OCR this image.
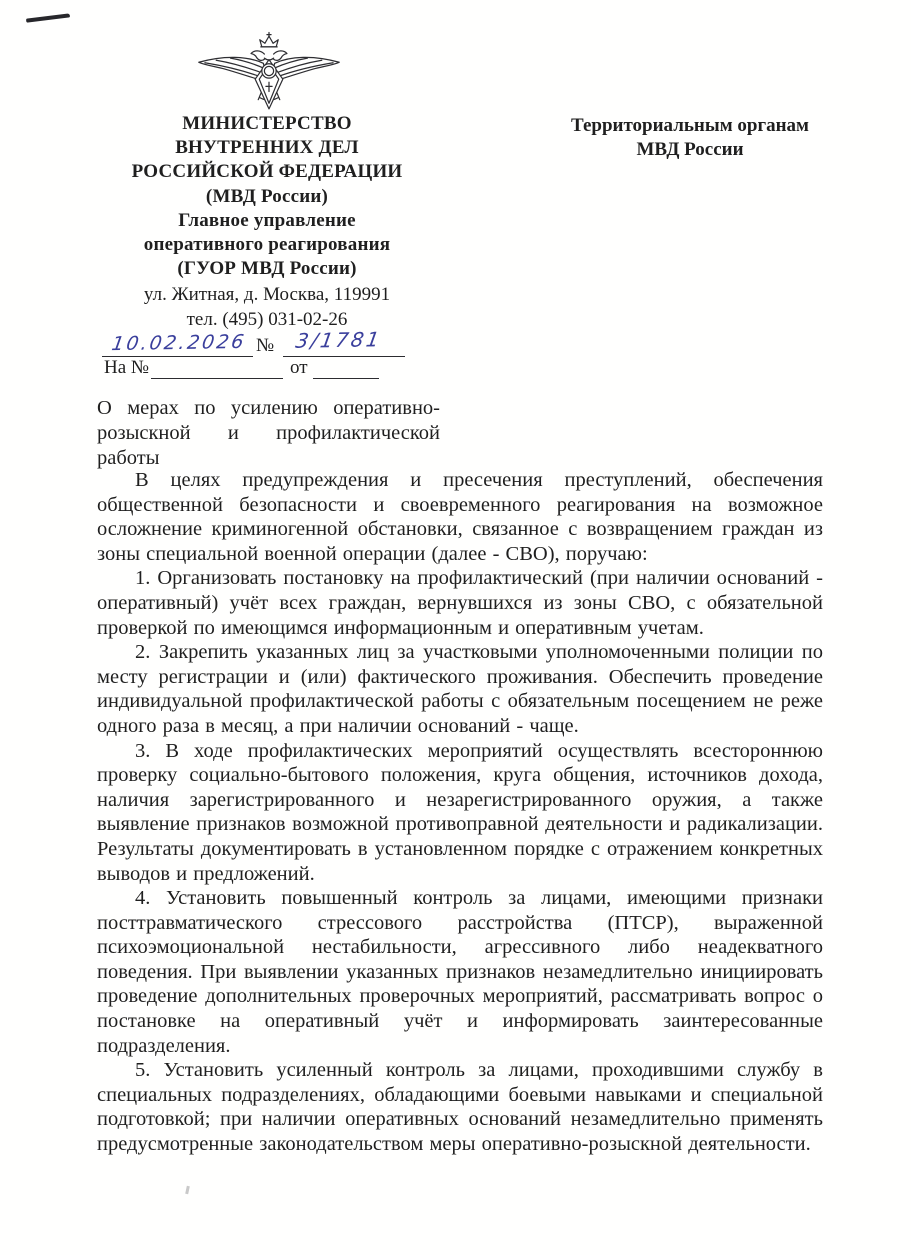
МИНИСТЕРСТВО
ВНУТРЕННИХ ДЕЛ
РОССИЙСКОЙ ФЕДЕРАЦИИ
(МВД России)
Главное управление
оперативного реагирования
(ГУОР МВД России)
ул. Житная, д. Москва, 119991
тел. (495) 031-02-26
Территориальным органам
МВД России
10.02.2026 № 3/1781
На №	от
О мерах по усилению оперативно-розыскной и профилактической работы

В целях предупреждения и пресечения преступлений, обеспечения общественной безопасности и своевременного реагирования на возможное осложнение криминогенной обстановки, связанное с возвращением граждан из зоны специальной военной операции (далее - СВО), поручаю:

1. Организовать постановку на профилактический (при наличии оснований - оперативный) учёт всех граждан, вернувшихся из зоны СВО, с обязательной проверкой по имеющимся информационным и оперативным учетам.

2. Закрепить указанных лиц за участковыми уполномоченными полиции по месту регистрации и (или) фактического проживания. Обеспечить проведение индивидуальной профилактической работы с обязательным посещением не реже одного раза в месяц, а при наличии оснований - чаще.

3. В ходе профилактических мероприятий осуществлять всестороннюю проверку социально-бытового положения, круга общения, источников дохода, наличия зарегистрированного и незарегистрированного оружия, а также выявление признаков возможной противоправной деятельности и радикализации. Результаты документировать в установленном порядке с отражением конкретных выводов и предложений.

4. Установить повышенный контроль за лицами, имеющими признаки посттравматического стрессового расстройства (ПТСР), выраженной психоэмоциональной нестабильности, агрессивного либо неадекватного поведения. При выявлении указанных признаков незамедлительно инициировать проведение дополнительных проверочных мероприятий, рассматривать вопрос о постановке на оперативный учёт и информировать заинтересованные подразделения.

5. Установить усиленный контроль за лицами, проходившими службу в специальных подразделениях, обладающими боевыми навыками и специальной подготовкой; при наличии оперативных оснований незамедлительно применять предусмотренные законодательством меры оперативно-розыскной деятельности.
